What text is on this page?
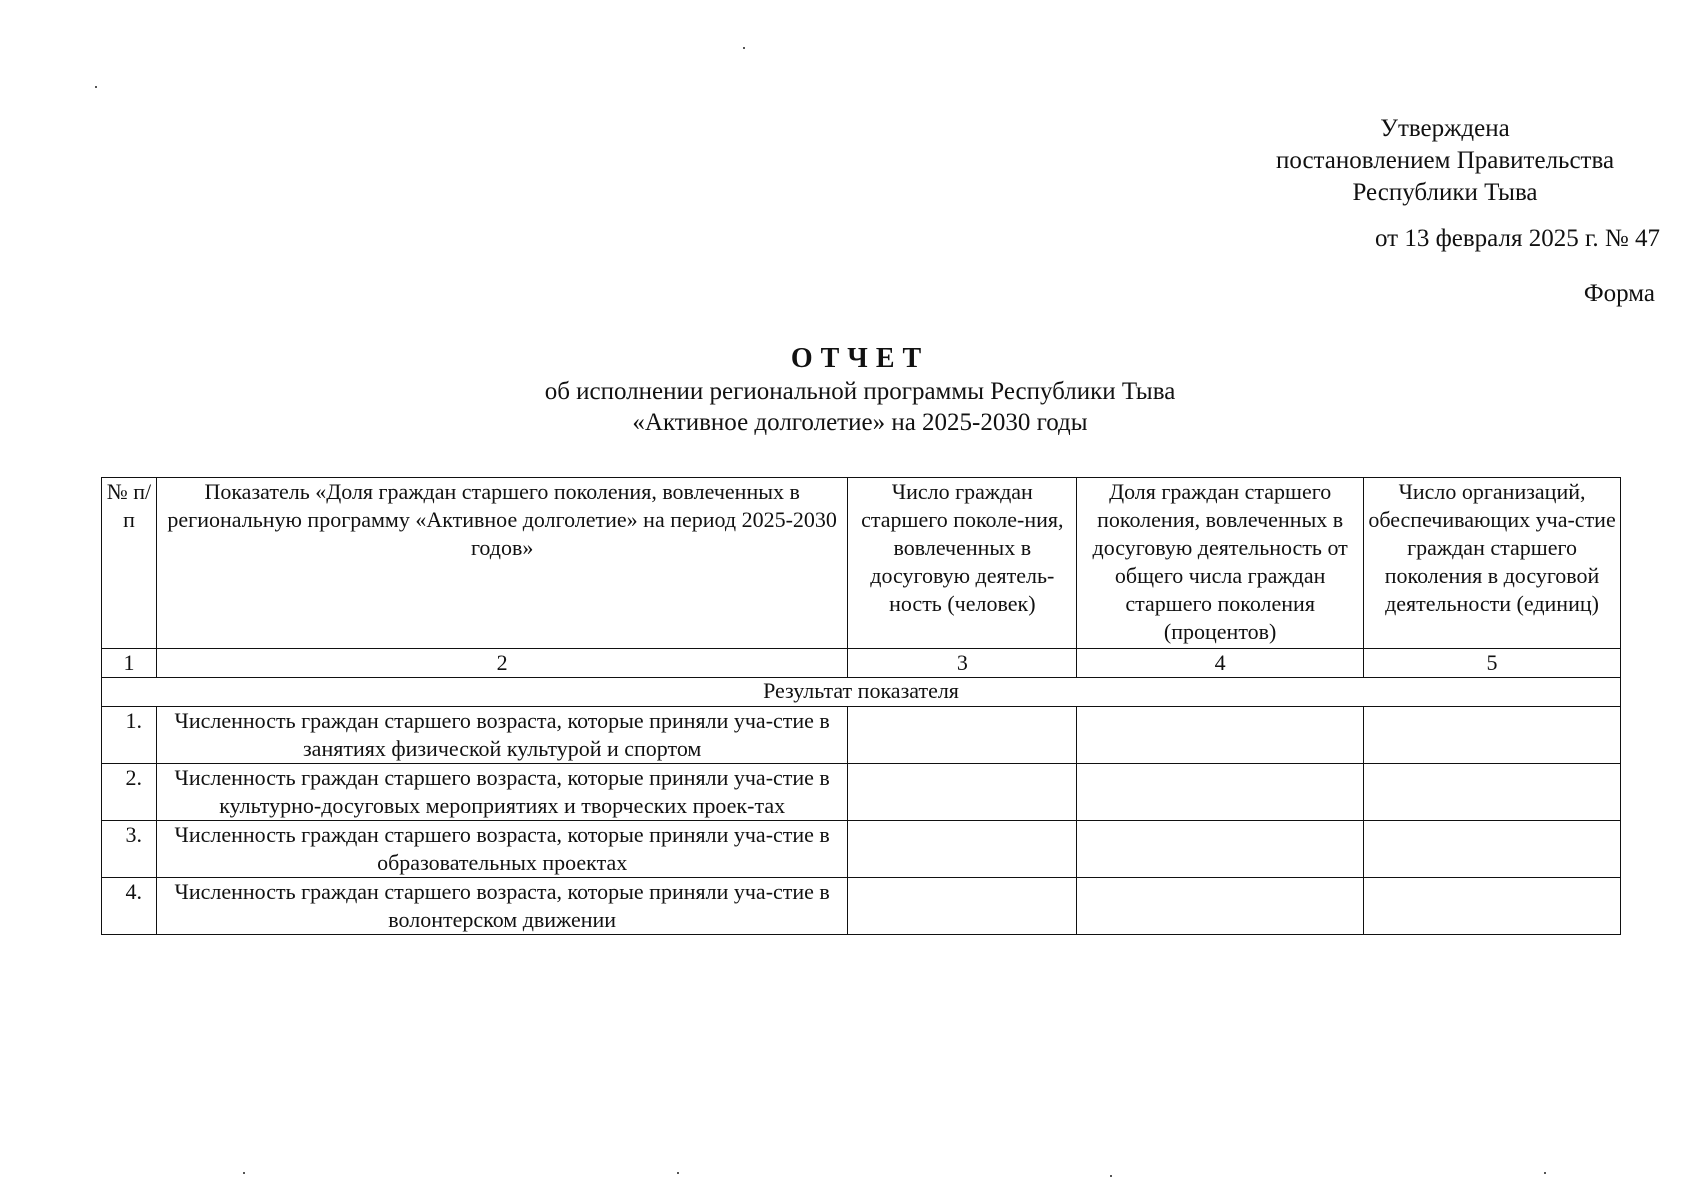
Утверждена
постановлением Правительства
Республики Тыва
от 13 февраля 2025 г. № 47
Форма
ОТЧЕТ
об исполнении региональной программы Республики Тыва
«Активное долголетие» на 2025-2030 годы
№ п/п	Показатель «Доля граждан старшего поколения, вовлеченных в региональную программу «Активное долголетие» на период 2025-2030 годов»	Число граждан старшего поколе-ния, вовлеченных в досуговую деятель-ность (человек)	Доля граждан старшего поколения, вовлеченных в досуговую деятельность от общего числа граждан старшего поколения (процентов)	Число организаций, обеспечивающих уча-стие граждан старшего поколения в досуговой деятельности (единиц)
1	2	3	4	5
Результат показателя				
1.	Численность граждан старшего возраста, которые приняли уча-стие в занятиях физической культурой и спортом			
2.	Численность граждан старшего возраста, которые приняли уча-стие в культурно-досуговых мероприятиях и творческих проек-тах			
3.	Численность граждан старшего возраста, которые приняли уча-стие в образовательных проектах			
4.	Численность граждан старшего возраста, которые приняли уча-стие в волонтерском движении			
